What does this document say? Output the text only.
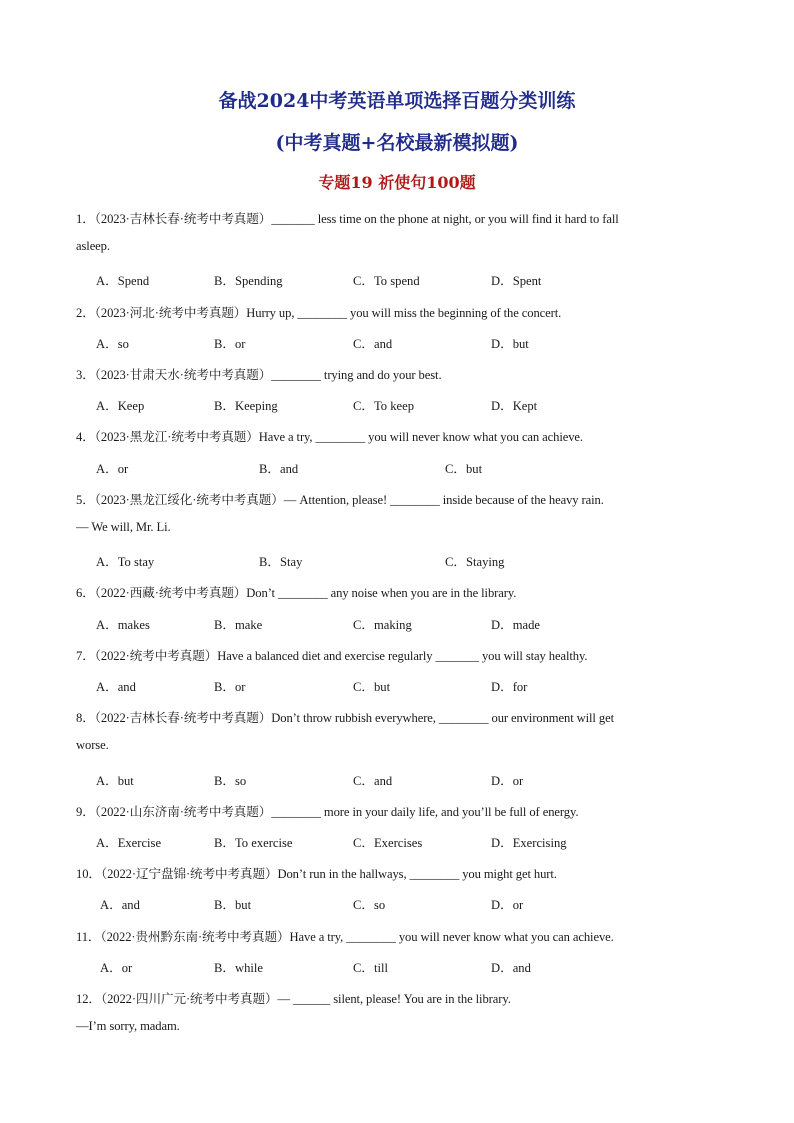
备战2024中考英语单项选择百题分类训练
(中考真题+名校最新模拟题)
专题19 祈使句100题
1．（2023·吉林长春·统考中考真题）_______ less time on the phone at night, or you will find it hard to fall
asleep.
A．Spend	B．Spending	C．To spend	D．Spent
2．（2023·河北·统考中考真题）Hurry up, ________ you will miss the beginning of the concert.
A．so	B．or	C．and	D．but
3．（2023·甘肃天水·统考中考真题）________ trying and do your best.
A．Keep	B．Keeping	C．To keep	D．Kept
4．（2023·黑龙江·统考中考真题）Have a try, ________ you will never know what you can achieve.
A．or	B．and	C．but
5．（2023·黑龙江绥化·统考中考真题）— Attention, please! ________ inside because of the heavy rain.
— We will, Mr. Li.
A．To stay	B．Stay	C．Staying
6．（2022·西藏·统考中考真题）Don’t ________ any noise when you are in the library.
A．makes	B．make	C．making	D．made
7．（2022·统考中考真题）Have a balanced diet and exercise regularly _______ you will stay healthy.
A．and	B．or	C．but	D．for
8．（2022·吉林长春·统考中考真题）Don’t throw rubbish everywhere, ________ our environment will get
worse.
A．but	B．so	C．and	D．or
9．（2022·山东济南·统考中考真题）________ more in your daily life, and you’ll be full of energy.
A．Exercise	B．To exercise	C．Exercises	D．Exercising
10．（2022·辽宁盘锦·统考中考真题）Don’t run in the hallways, ________ you might get hurt.
A．and	B．but	C．so	D．or
11．（2022·贵州黔东南·统考中考真题）Have a try, ________ you will never know what you can achieve.
A．or	B．while	C．till	D．and
12．（2022·四川广元·统考中考真题）— ______ silent, please! You are in the library.
—I’m sorry, madam.
